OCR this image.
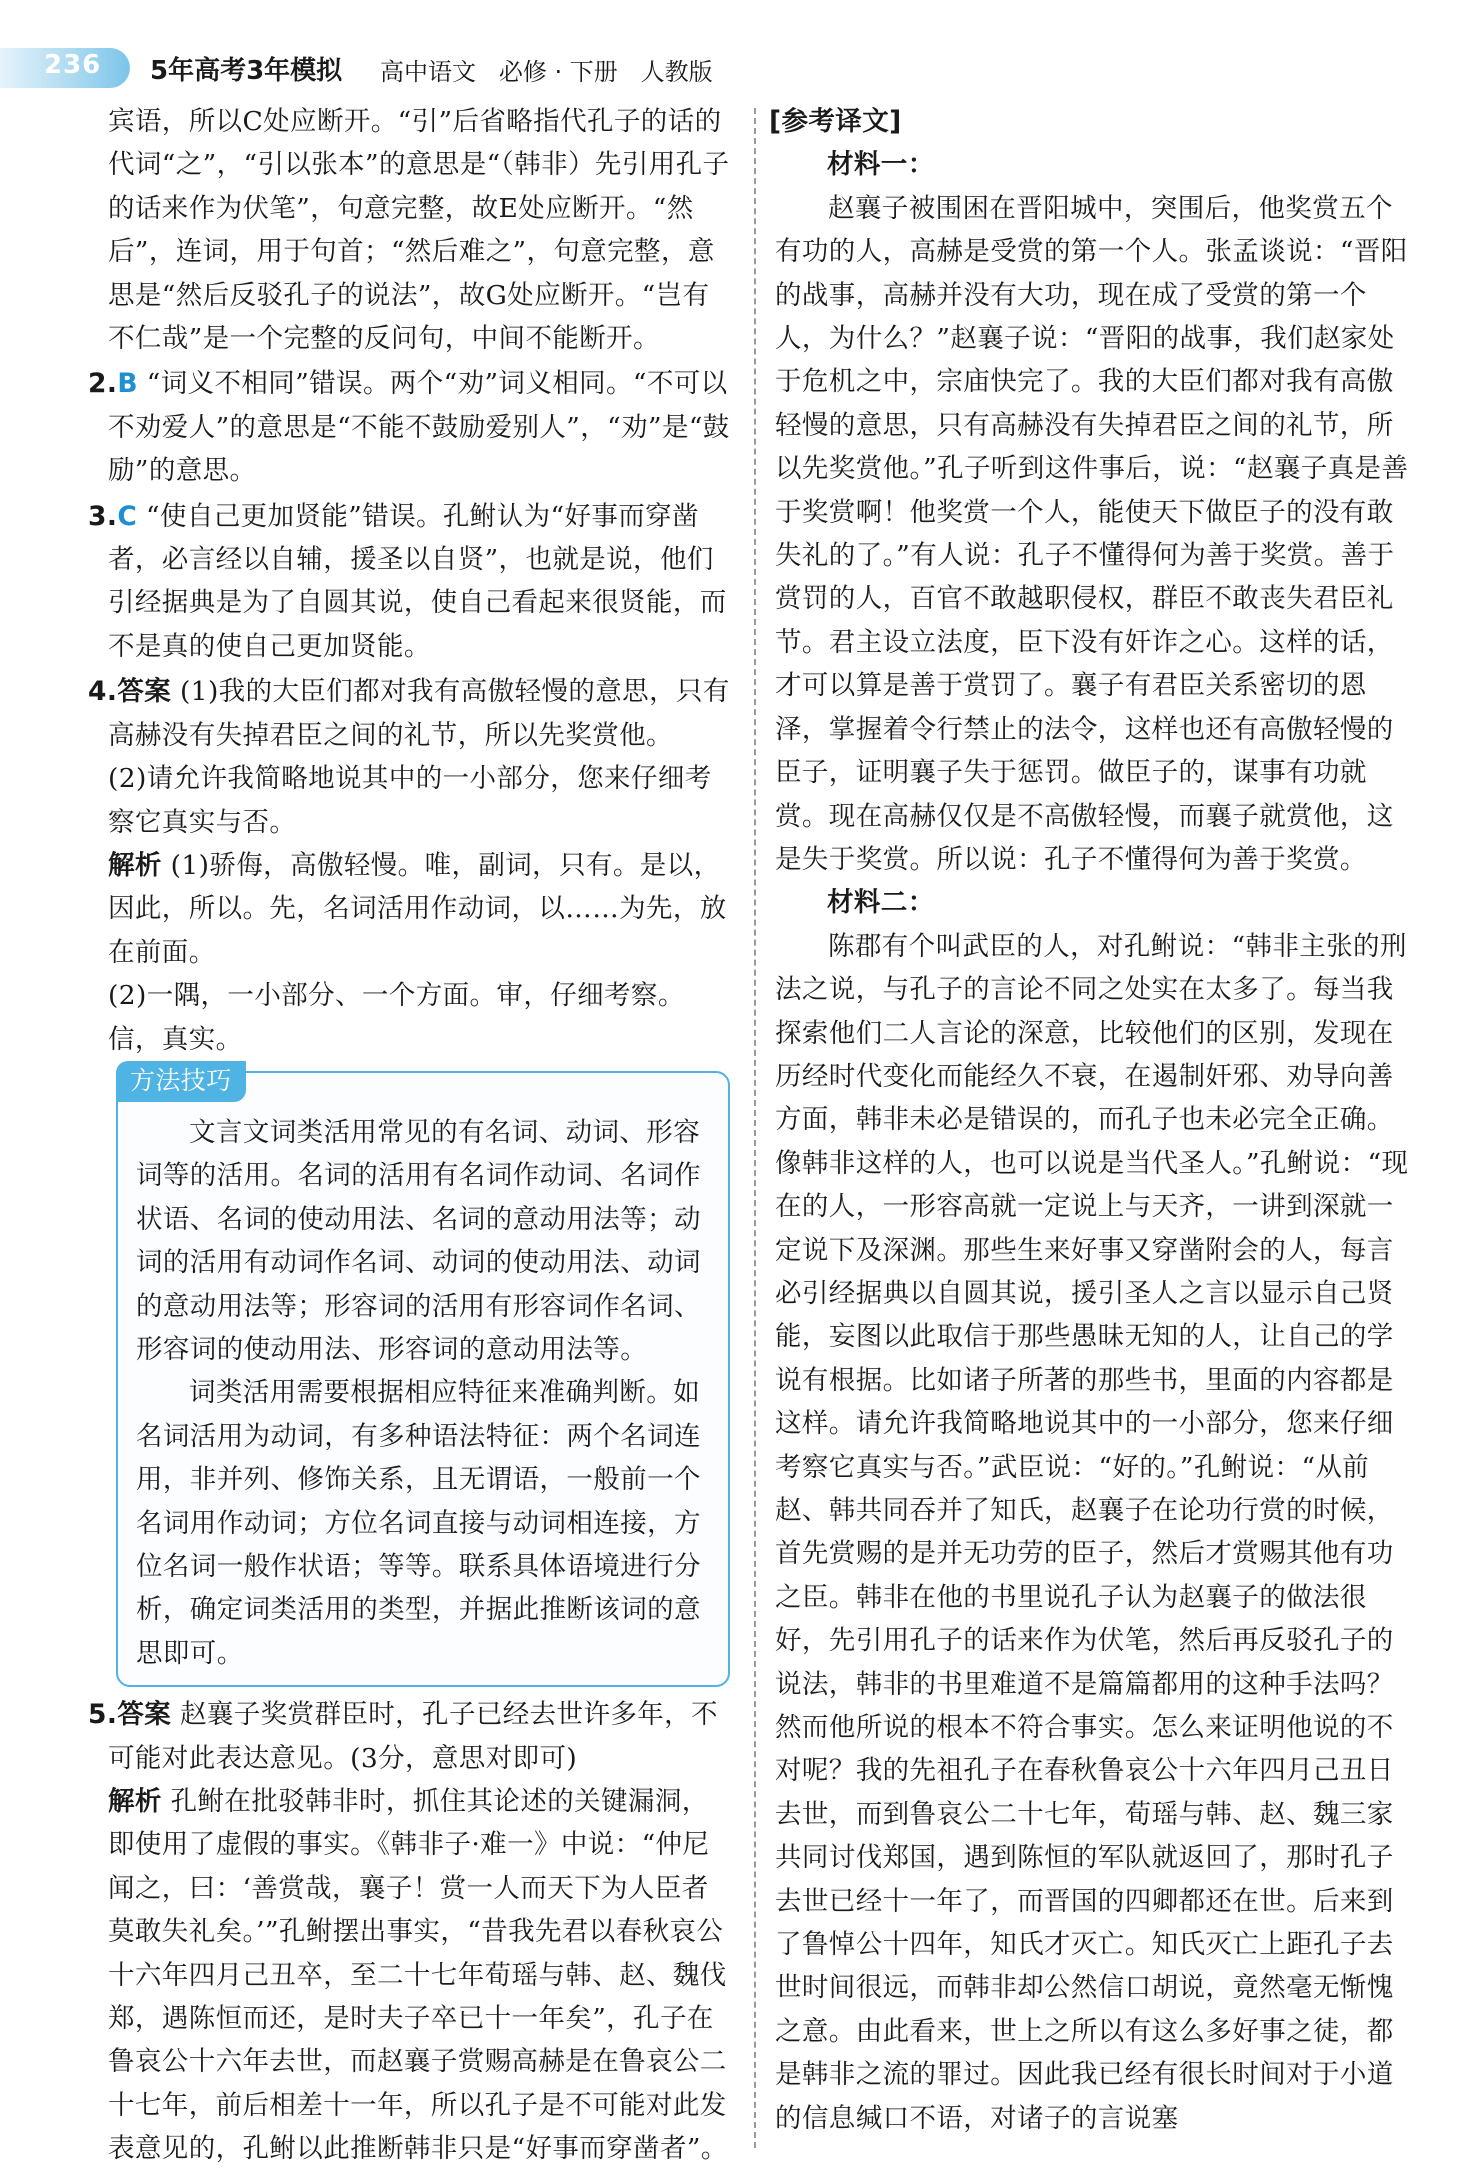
236 5年高考3年模拟 高中语文   必修 · 下册   人教版

宾语，所以C处应断开。“引”后省略指代孔子的话的代词“之”，“引以张本”的意思是“（韩非）先引用孔子的话来作为伏笔”，句意完整，故E处应断开。“然后”，连词，用于句首；“然后难之”，句意完整，意思是“然后反驳孔子的说法”，故G处应断开。“岂有不仁哉”是一个完整的反问句，中间不能断开。

2.B “词义不相同”错误。两个“劝”词义相同。“不可以不劝爱人”的意思是“不能不鼓励爱别人”，“劝”是“鼓励”的意思。

3.C “使自己更加贤能”错误。孔鲋认为“好事而穿凿者，必言经以自辅，援圣以自贤”，也就是说，他们引经据典是为了自圆其说，使自己看起来很贤能，而不是真的使自己更加贤能。

4.答案 (1)我的大臣们都对我有高傲轻慢的意思，只有高赫没有失掉君臣之间的礼节，所以先奖赏他。

(2)请允许我简略地说其中的一小部分，您来仔细考察它真实与否。

解析 (1)骄侮，高傲轻慢。唯，副词，只有。是以，因此，所以。先，名词活用作动词，以……为先，放在前面。

(2)一隅，一小部分、一个方面。审，仔细考察。信，真实。

方法技巧

文言文词类活用常见的有名词、动词、形容词等的活用。名词的活用有名词作动词、名词作状语、名词的使动用法、名词的意动用法等；动词的活用有动词作名词、动词的使动用法、动词的意动用法等；形容词的活用有形容词作名词、形容词的使动用法、形容词的意动用法等。

词类活用需要根据相应特征来准确判断。如名词活用为动词，有多种语法特征：两个名词连用，非并列、修饰关系，且无谓语，一般前一个名词用作动词；方位名词直接与动词相连接，方位名词一般作状语；等等。联系具体语境进行分析，确定词类活用的类型，并据此推断该词的意思即可。

5.答案 赵襄子奖赏群臣时，孔子已经去世许多年，不可能对此表达意见。(3分，意思对即可)

解析 孔鲋在批驳韩非时，抓住其论述的关键漏洞，即使用了虚假的事实。《韩非子·难一》中说：“仲尼闻之，曰：‘善赏哉，襄子！赏一人而天下为人臣者莫敢失礼矣。’”孔鲋摆出事实，“昔我先君以春秋哀公十六年四月己丑卒，至二十七年荀瑶与韩、赵、魏伐郑，遇陈恒而还，是时夫子卒已十一年矣”，孔子在鲁哀公十六年去世，而赵襄子赏赐高赫是在鲁哀公二十七年，前后相差十一年，所以孔子是不可能对此发表意见的，孔鲋以此推断韩非只是“好事而穿凿者”。

[参考译文]

材料一：

赵襄子被围困在晋阳城中，突围后，他奖赏五个有功的人，高赫是受赏的第一个人。张孟谈说：“晋阳的战事，高赫并没有大功，现在成了受赏的第一个人，为什么？”赵襄子说：“晋阳的战事，我们赵家处于危机之中，宗庙快完了。我的大臣们都对我有高傲轻慢的意思，只有高赫没有失掉君臣之间的礼节，所以先奖赏他。”孔子听到这件事后，说：“赵襄子真是善于奖赏啊！他奖赏一个人，能使天下做臣子的没有敢失礼的了。”有人说：孔子不懂得何为善于奖赏。善于赏罚的人，百官不敢越职侵权，群臣不敢丧失君臣礼节。君主设立法度，臣下没有奸诈之心。这样的话，才可以算是善于赏罚了。襄子有君臣关系密切的恩泽，掌握着令行禁止的法令，这样也还有高傲轻慢的臣子，证明襄子失于惩罚。做臣子的，谋事有功就赏。现在高赫仅仅是不高傲轻慢，而襄子就赏他，这是失于奖赏。所以说：孔子不懂得何为善于奖赏。

材料二：

陈郡有个叫武臣的人，对孔鲋说：“韩非主张的刑法之说，与孔子的言论不同之处实在太多了。每当我探索他们二人言论的深意，比较他们的区别，发现在历经时代变化而能经久不衰，在遏制奸邪、劝导向善方面，韩非未必是错误的，而孔子也未必完全正确。像韩非这样的人，也可以说是当代圣人。”孔鲋说：“现在的人，一形容高就一定说上与天齐，一讲到深就一定说下及深渊。那些生来好事又穿凿附会的人，每言必引经据典以自圆其说，援引圣人之言以显示自己贤能，妄图以此取信于那些愚昧无知的人，让自己的学说有根据。比如诸子所著的那些书，里面的内容都是这样。请允许我简略地说其中的一小部分，您来仔细考察它真实与否。”武臣说：“好的。”孔鲋说：“从前赵、韩共同吞并了知氏，赵襄子在论功行赏的时候，首先赏赐的是并无功劳的臣子，然后才赏赐其他有功之臣。韩非在他的书里说孔子认为赵襄子的做法很好，先引用孔子的话来作为伏笔，然后再反驳孔子的说法，韩非的书里难道不是篇篇都用的这种手法吗？然而他所说的根本不符合事实。怎么来证明他说的不对呢？我的先祖孔子在春秋鲁哀公十六年四月己丑日去世，而到鲁哀公二十七年，荀瑶与韩、赵、魏三家共同讨伐郑国，遇到陈恒的军队就返回了，那时孔子去世已经十一年了，而晋国的四卿都还在世。后来到了鲁悼公十四年，知氏才灭亡。知氏灭亡上距孔子去世时间很远，而韩非却公然信口胡说，竟然毫无惭愧之意。由此看来，世上之所以有这么多好事之徒，都是韩非之流的罪过。因此我已经有很长时间对于小道的信息缄口不语，对诸子的言说塞
